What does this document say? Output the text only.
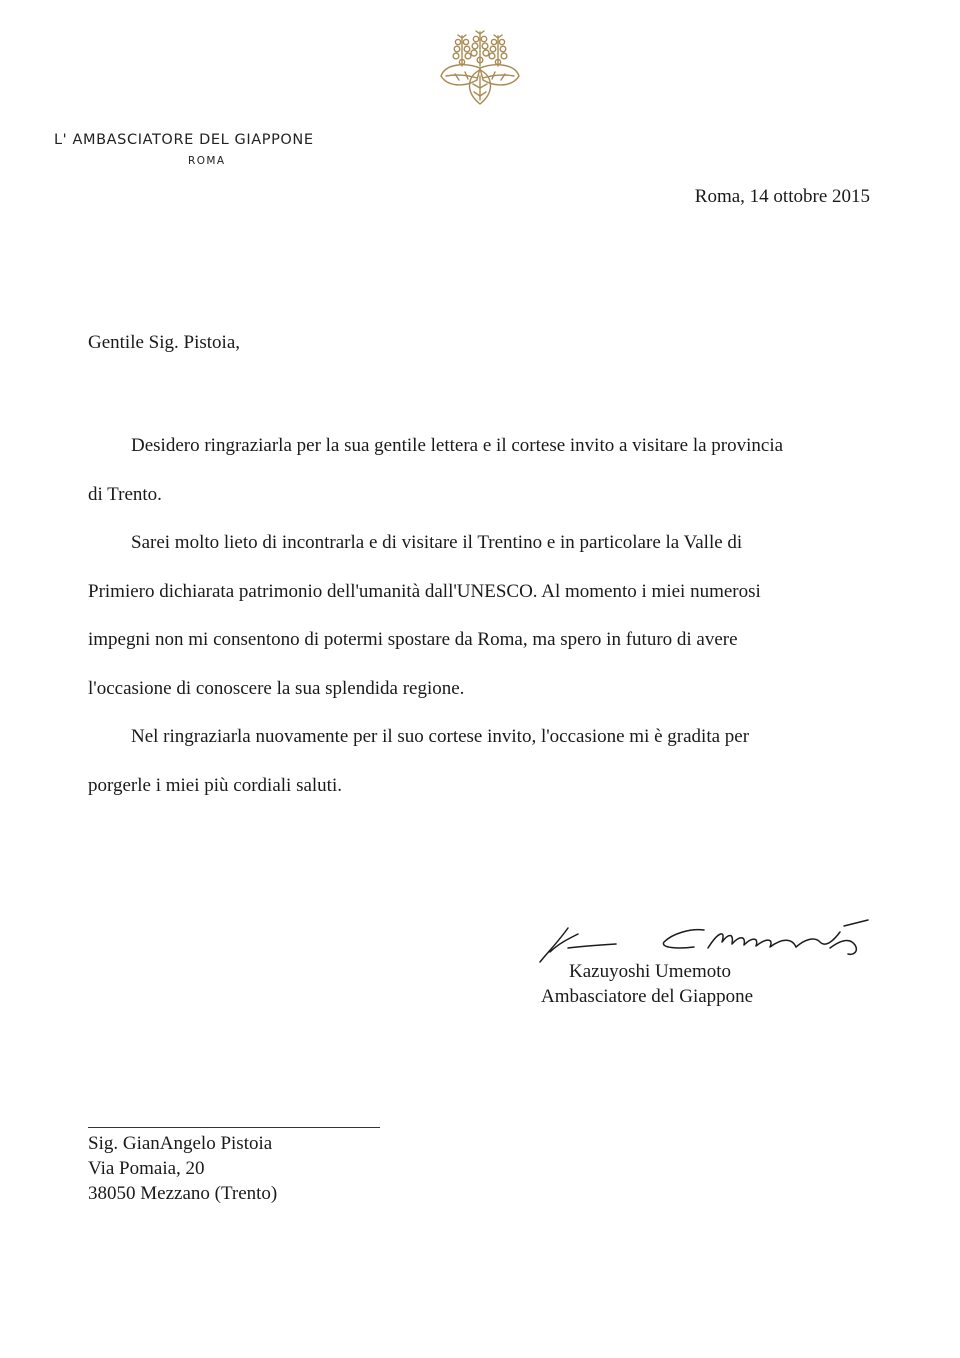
L' AMBASCIATORE DEL GIAPPONE
ROMA
Roma, 14 ottobre 2015
Gentile Sig. Pistoia,

Desidero ringraziarla per la sua gentile lettera e il cortese invito a visitare la provincia
di Trento.

Sarei molto lieto di incontrarla e di visitare il Trentino e in particolare la Valle di
Primiero dichiarata patrimonio dell'umanità dall'UNESCO. Al momento i miei numerosi
impegni non mi consentono di potermi spostare da Roma, ma spero in futuro di avere
l'occasione di conoscere la sua splendida regione.

Nel ringraziarla nuovamente per il suo cortese invito, l'occasione mi è gradita per
porgerle i miei più cordiali saluti.

Kazuyoshi Umemoto
Ambasciatore del Giappone
Sig. GianAngelo Pistoia
Via Pomaia, 20
38050 Mezzano (Trento)
